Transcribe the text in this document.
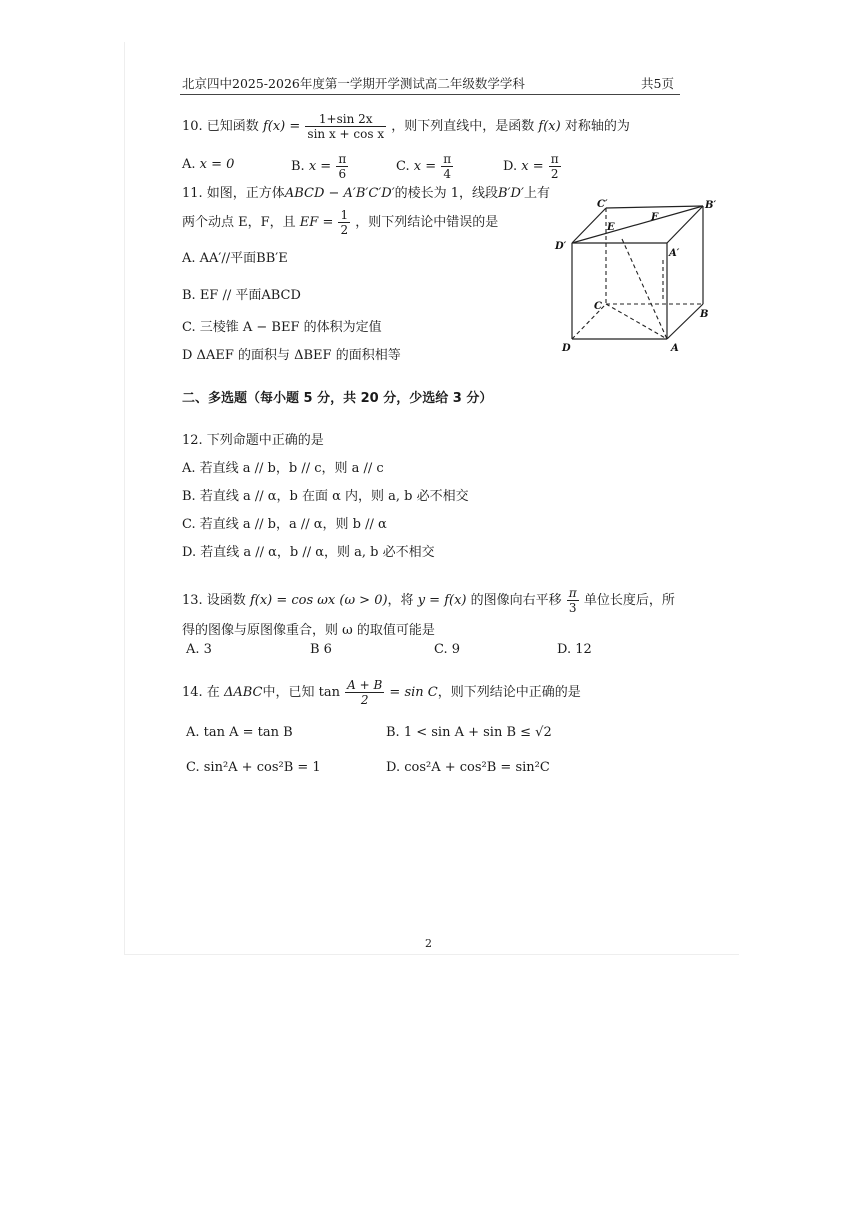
北京四中2025-2026年度第一学期开学测试高二年级数学学科	共5页
10. 已知函数 $f(x) = \frac{1+\sin 2x}{\text{sin x + cos x}}$ ，则下列直线中，是函数 f(x) 对称轴的为
A. x = 0	B. $x = \frac{\pi}{6}$	C. $x = \frac{\pi}{4}$	D. $x = \frac{\pi}{2}$
11. 如图，正方体ABCD − A′B′C′D′的棱长为 1，线段B′D′上有
两个动点 E，F，且 EF = $\frac{1}{2}$ ，则下列结论中错误的是
A. AA′//平面BB′E
B. EF // 平面ABCD
C. 三棱锥 A − BEF 的体积为定值
D ΔAEF 的面积与 ΔBEF 的面积相等
C′	B′
D′
A′
E
F
C
B
D	A
二、多选题（每小题 5 分，共 20 分，少选给 3 分）
12. 下列命题中正确的是
A. 若直线 a // b，b // c，则 a // c
B. 若直线 a // α，b 在面 α 内，则 a, b 必不相交
C. 若直线 a // b，a // α，则 b // α
D. 若直线 a // α，b // α，则 a, b 必不相交
13. 设函数 f(x) = cos ωx (ω > 0)，将 y = f(x) 的图像向右平移 $\frac{\pi}{3}$ 单位长度后，所
得的图像与原图像重合，则 ω 的取值可能是
A. 3	B 6	C. 9	D. 12
14. 在 ΔABC中，已知 $\tan \frac{A + B}{2} = \sin C$，则下列结论中正确的是
A. tan A = tan B	B. 1 < sin A + sin B ≤ √2
C. sin²A + cos²B = 1	D. cos²A + cos²B = sin²C
2
